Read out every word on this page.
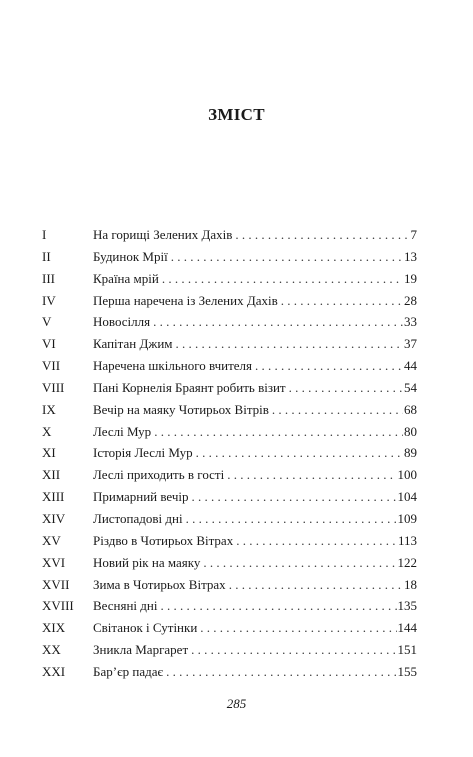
ЗМІСТ
I	На горищі Зелених Дахів . . .	7
II	Будинок Мрії . . .	13
III	Країна мрій . . .	19
IV	Перша наречена із Зелених Дахів . . .	28
V	Новосілля . . .	33
VI	Капітан Джим . . .	37
VII	Наречена шкільного вчителя . . .	44
VIII	Пані Корнелія Браянт робить візит . . .	54
IX	Вечір на маяку Чотирьох Вітрів . . .	68
X	Леслі Мур . . .	80
XI	Історія Леслі Мур . . .	89
XII	Леслі приходить в гості . . .	100
XIII	Примарний вечір . . .	104
XIV	Листопадові дні . . .	109
XV	Різдво в Чотирьох Вітрах . . .	113
XVI	Новий рік на маяку . . .	122
XVII	Зима в Чотирьох Вітрах . . .	18
XVIII	Весняні дні . . .	135
XIX	Світанок і Сутінки . . .	144
XX	Зникла Маргарет . . .	151
XXI	Бар’єр падає . . .	155
285
